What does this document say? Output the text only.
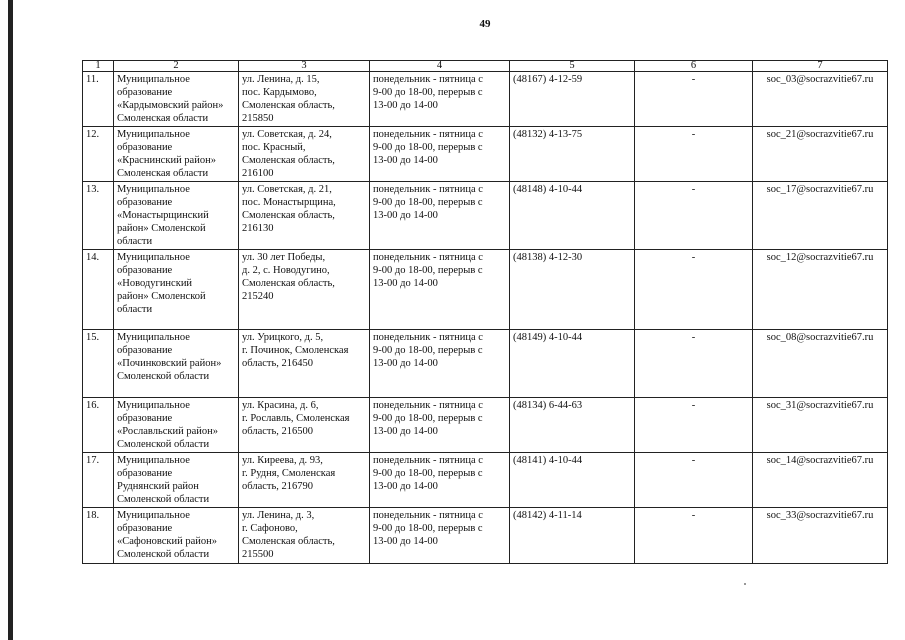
49
1	2	3	4	5	6	7
11.	Муниципальное
образование
«Кардымовский район»
Смоленская области	ул. Ленина, д. 15,
пос. Кардымово,
Смоленская область,
215850	понедельник - пятница с
9-00 до 18-00, перерыв с
13-00 до 14-00	(48167) 4-12-59	-	soc_03@socrazvitie67.ru
12.	Муниципальное
образование
«Краснинский район»
Смоленская области	ул. Советская, д. 24,
пос. Красный,
Смоленская область,
216100	понедельник - пятница с
9-00 до 18-00, перерыв с
13-00 до 14-00	(48132) 4-13-75	-	soc_21@socrazvitie67.ru
13.	Муниципальное
образование
«Монастырщинский
район» Смоленской
области	ул. Советская, д. 21,
пос. Монастырщина,
Смоленская область,
216130	понедельник - пятница с
9-00 до 18-00, перерыв с
13-00 до 14-00	(48148) 4-10-44	-	soc_17@socrazvitie67.ru
14.	Муниципальное
образование
«Новодугинский
район» Смоленской
области	ул. 30 лет Победы,
д. 2, с. Новодугино,
Смоленская область,
215240	понедельник - пятница с
9-00 до 18-00, перерыв с
13-00 до 14-00	(48138) 4-12-30	-	soc_12@socrazvitie67.ru
15.	Муниципальное
образование
«Починковский район»
Смоленской области	ул. Урицкого, д. 5,
г. Починок, Смоленская
область, 216450	понедельник - пятница с
9-00 до 18-00, перерыв с
13-00 до 14-00	(48149) 4-10-44	-	soc_08@socrazvitie67.ru
16.	Муниципальное
образование
«Рославльский район»
Смоленской области	ул. Красина, д. 6,
г. Рославль, Смоленская
область, 216500	понедельник - пятница с
9-00 до 18-00, перерыв с
13-00 до 14-00	(48134) 6-44-63	-	soc_31@socrazvitie67.ru
17.	Муниципальное
образование
Руднянский район
Смоленской области	ул. Киреева, д. 93,
г. Рудня, Смоленская
область, 216790	понедельник - пятница с
9-00 до 18-00, перерыв с
13-00 до 14-00	(48141) 4-10-44	-	soc_14@socrazvitie67.ru
18.	Муниципальное
образование
«Сафоновский район»
Смоленской области	ул. Ленина, д. 3,
г. Сафоново,
Смоленская область,
215500	понедельник - пятница с
9-00 до 18-00, перерыв с
13-00 до 14-00	(48142) 4-11-14	-	soc_33@socrazvitie67.ru
